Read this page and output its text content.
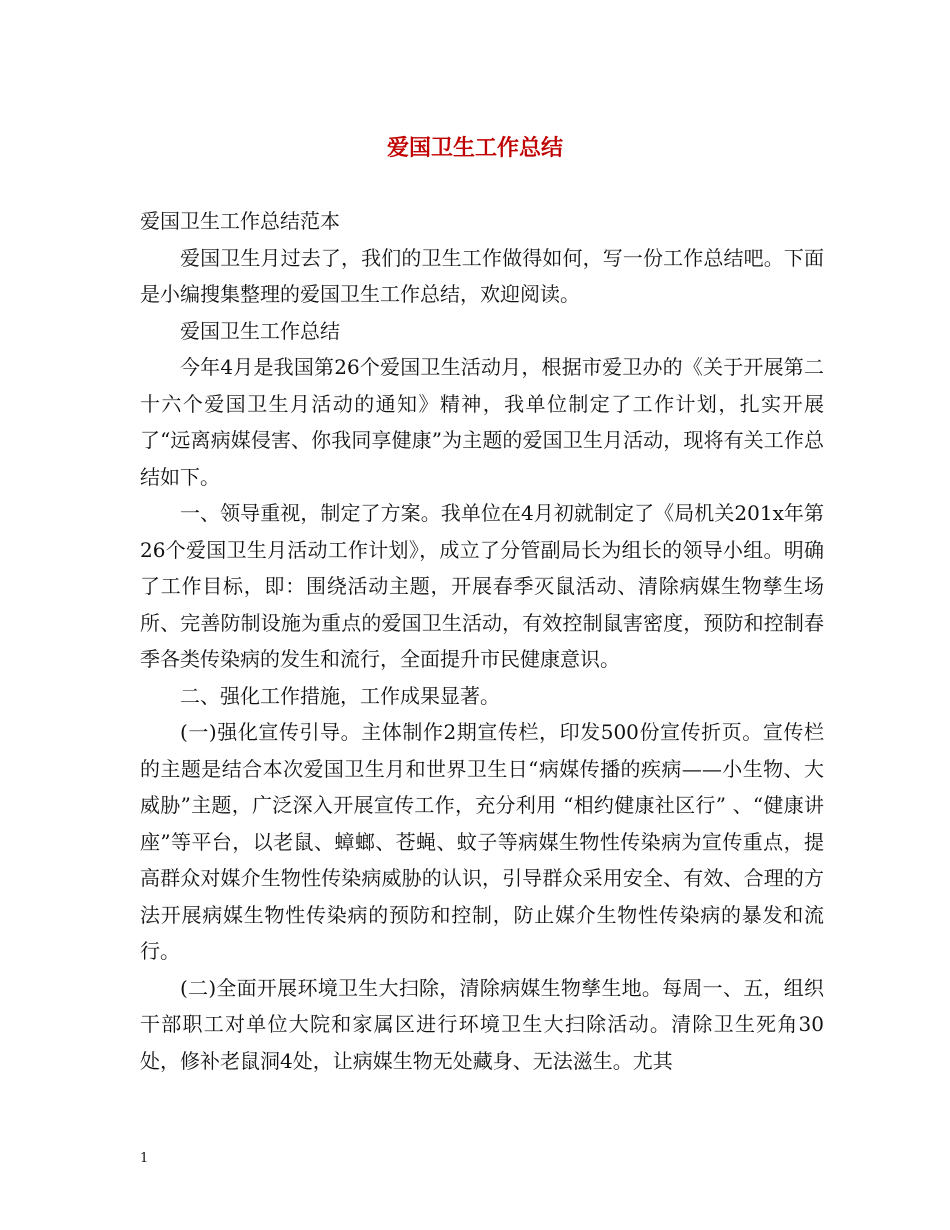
爱国卫生工作总结

爱国卫生工作总结范本

爱国卫生月过去了，我们的卫生工作做得如何，写一份工作总结吧。下面是小编搜集整理的爱国卫生工作总结，欢迎阅读。

爱国卫生工作总结

今年4月是我国第26个爱国卫生活动月，根据市爱卫办的《关于开展第二十六个爱国卫生月活动的通知》精神，我单位制定了工作计划，扎实开展了“远离病媒侵害、你我同享健康”为主题的爱国卫生月活动，现将有关工作总结如下。

一、领导重视，制定了方案。我单位在4月初就制定了《局机关201x年第26个爱国卫生月活动工作计划》，成立了分管副局长为组长的领导小组。明确了工作目标，即：围绕活动主题，开展春季灭鼠活动、清除病媒生物孳生场所、完善防制设施为重点的爱国卫生活动，有效控制鼠害密度，预防和控制春季各类传染病的发生和流行，全面提升市民健康意识。

二、强化工作措施，工作成果显著。

(一)强化宣传引导。主体制作2期宣传栏，印发500份宣传折页。宣传栏的主题是结合本次爱国卫生月和世界卫生日“病媒传播的疾病——小生物、大威胁”主题，广泛深入开展宣传工作，充分利用 “相约健康社区行” 、“健康讲座”等平台，以老鼠、蟑螂、苍蝇、蚊子等病媒生物性传染病为宣传重点，提高群众对媒介生物性传染病威胁的认识，引导群众采用安全、有效、合理的方法开展病媒生物性传染病的预防和控制，防止媒介生物性传染病的暴发和流行。

(二)全面开展环境卫生大扫除，清除病媒生物孳生地。每周一、五，组织干部职工对单位大院和家属区进行环境卫生大扫除活动。清除卫生死角30处，修补老鼠洞4处，让病媒生物无处藏身、无法滋生。尤其

1
